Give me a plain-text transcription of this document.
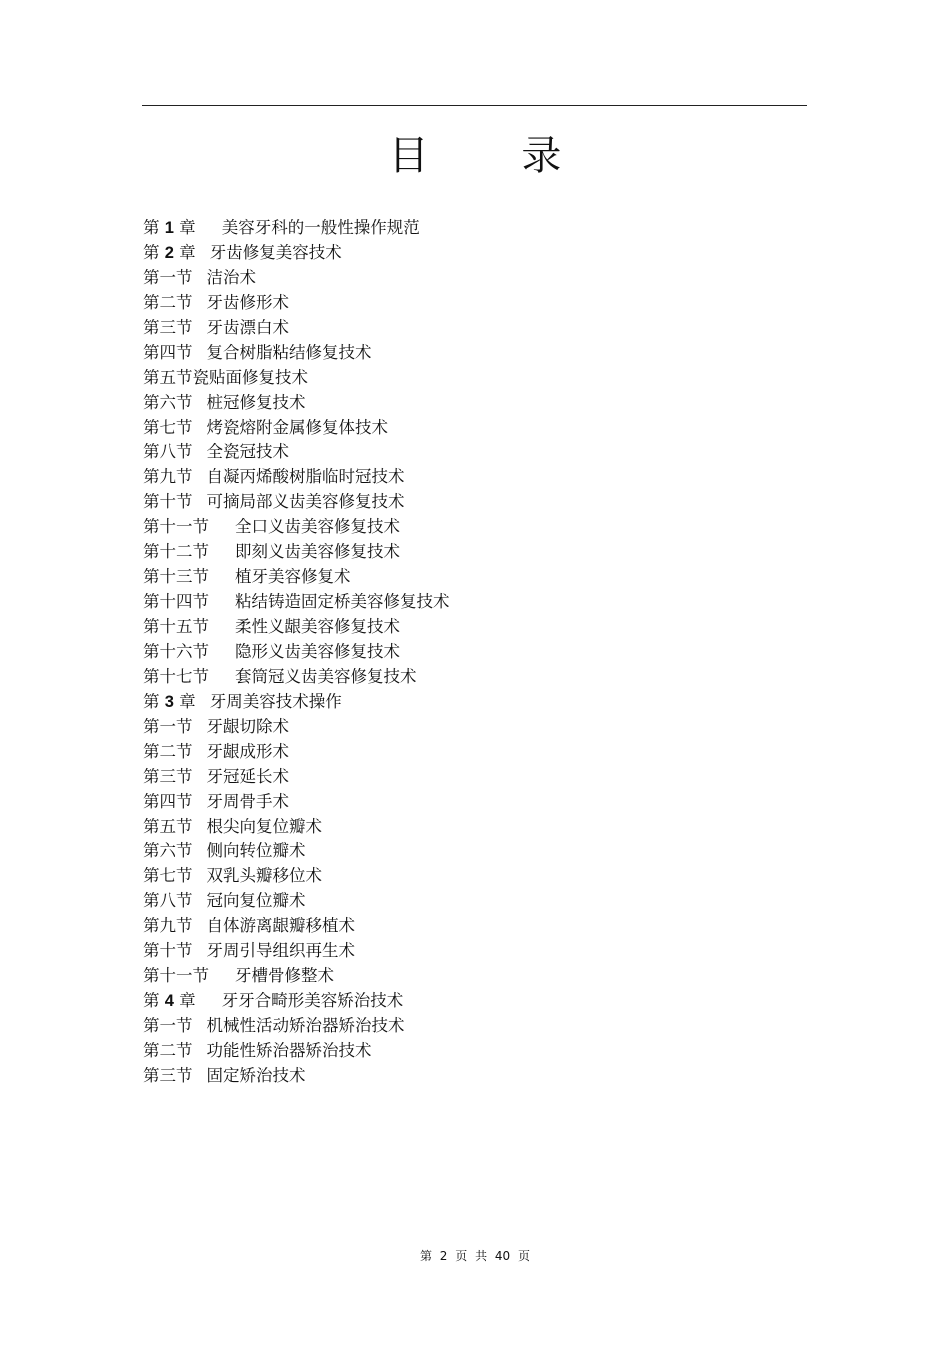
目 录
第 1 章 美容牙科的一般性操作规范
第 2 章 牙齿修复美容技术
第一节 洁治术
第二节 牙齿修形术
第三节 牙齿漂白术
第四节 复合树脂粘结修复技术
第五节瓷贴面修复技术
第六节 桩冠修复技术
第七节 烤瓷熔附金属修复体技术
第八节 全瓷冠技术
第九节 自凝丙烯酸树脂临时冠技术
第十节 可摘局部义齿美容修复技术
第十一节 全口义齿美容修复技术
第十二节 即刻义齿美容修复技术
第十三节 植牙美容修复术
第十四节 粘结铸造固定桥美容修复技术
第十五节 柔性义龈美容修复技术
第十六节 隐形义齿美容修复技术
第十七节 套筒冠义齿美容修复技术
第 3 章 牙周美容技术操作
第一节 牙龈切除术
第二节 牙龈成形术
第三节 牙冠延长术
第四节 牙周骨手术
第五节 根尖向复位瓣术
第六节 侧向转位瓣术
第七节 双乳头瓣移位术
第八节 冠向复位瓣术
第九节 自体游离龈瓣移植术
第十节 牙周引导组织再生术
第十一节 牙槽骨修整术
第 4 章 牙牙合畸形美容矫治技术
第一节 机械性活动矫治器矫治技术
第二节 功能性矫治器矫治技术
第三节 固定矫治技术
第 2 页 共 40 页
